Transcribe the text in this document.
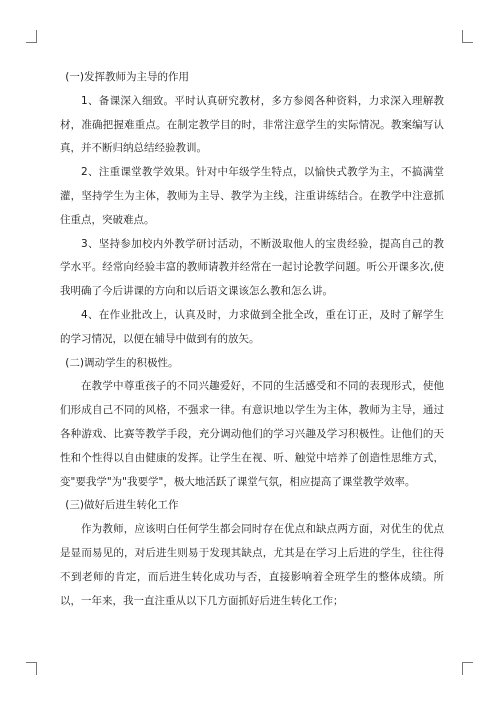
(一)发挥教师为主导的作用

1、备课深入细致。平时认真研究教材，多方参阅各种资料，力求深入理解教材，准确把握难重点。在制定教学目的时，非常注意学生的实际情况。教案编写认真，并不断归纳总结经验教训。

2、注重课堂教学效果。针对中年级学生特点，以愉快式教学为主，不搞满堂灌，坚持学生为主体，教师为主导、教学为主线，注重讲练结合。在教学中注意抓住重点，突破难点。

3、坚持参加校内外教学研讨活动，不断汲取他人的宝贵经验，提高自己的教学水平。经常向经验丰富的教师请教并经常在一起讨论教学问题。听公开课多次,使我明确了今后讲课的方向和以后语文课该怎么教和怎么讲。

4、在作业批改上，认真及时，力求做到全批全改，重在订正，及时了解学生的学习情况，以便在辅导中做到有的放矢。

(二)调动学生的积极性。

在教学中尊重孩子的不同兴趣爱好，不同的生活感受和不同的表现形式，使他们形成自己不同的风格，不强求一律。有意识地以学生为主体，教师为主导，通过各种游戏、比赛等教学手段，充分调动他们的学习兴趣及学习积极性。让他们的天性和个性得以自由健康的发挥。让学生在视、听、触觉中培养了创造性思维方式，变"要我学"为"我要学"，极大地活跃了课堂气氛，相应提高了课堂教学效率。

(三)做好后进生转化工作

作为教师，应该明白任何学生都会同时存在优点和缺点两方面，对优生的优点是显而易见的，对后进生则易于发现其缺点，尤其是在学习上后进的学生，往往得不到老师的肯定，而后进生转化成功与否，直接影响着全班学生的整体成绩。所以，一年来，我一直注重从以下几方面抓好后进生转化工作；
